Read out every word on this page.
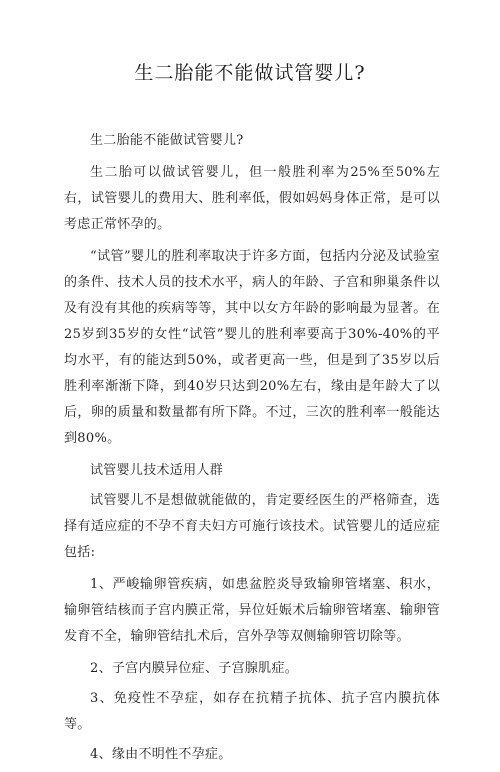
生二胎能不能做试管婴儿?

生二胎能不能做试管婴儿?

生二胎可以做试管婴儿，但一般胜利率为25%至50%左右，试管婴儿的费用大、胜利率低，假如妈妈身体正常，是可以考虑正常怀孕的。

“试管”婴儿的胜利率取决于许多方面，包括内分泌及试验室的条件、技术人员的技术水平，病人的年龄、子宫和卵巢条件以及有没有其他的疾病等等，其中以女方年龄的影响最为显著。在25岁到35岁的女性“试管”婴儿的胜利率要高于30%-40%的平均水平，有的能达到50%，或者更高一些，但是到了35岁以后胜利率渐渐下降，到40岁只达到20%左右，缘由是年龄大了以后，卵的质量和数量都有所下降。不过，三次的胜利率一般能达到80%。

试管婴儿技术适用人群

试管婴儿不是想做就能做的，肯定要经医生的严格筛查，选择有适应症的不孕不育夫妇方可施行该技术。试管婴儿的适应症包括:

1、严峻输卵管疾病，如患盆腔炎导致输卵管堵塞、积水，输卵管结核而子宫内膜正常，异位妊娠术后输卵管堵塞、输卵管发育不全，输卵管结扎术后，宫外孕等双侧输卵管切除等。

2、子宫内膜异位症、子宫腺肌症。

3、免疫性不孕症，如存在抗精子抗体、抗子宫内膜抗体等。

4、缘由不明性不孕症。
